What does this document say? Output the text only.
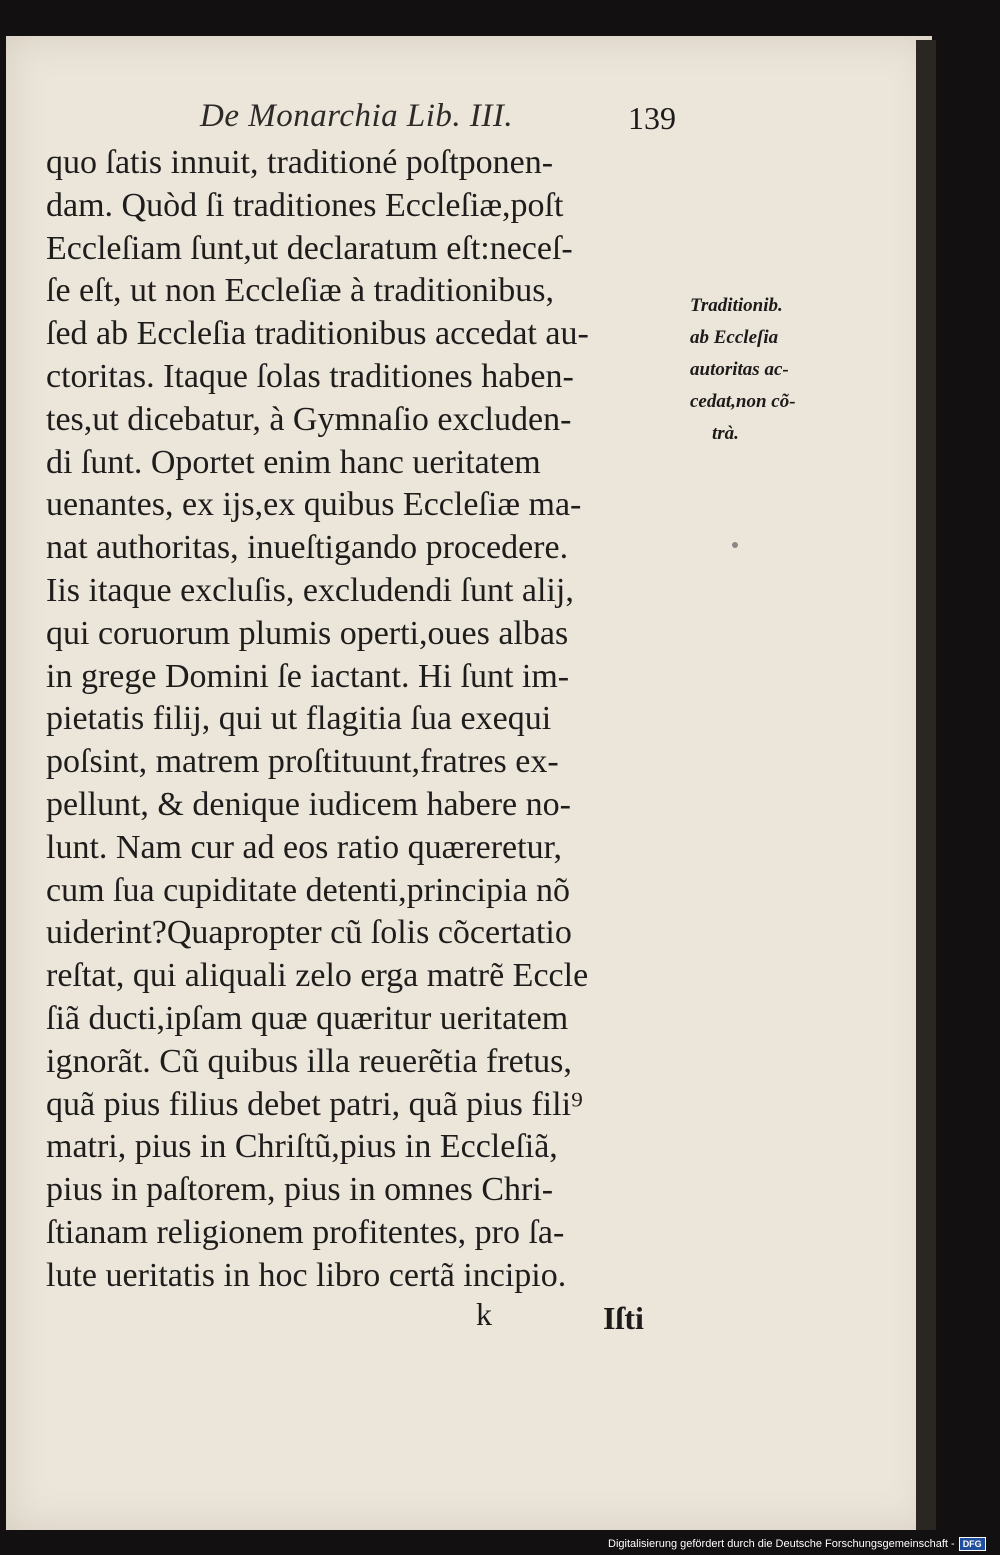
De Monarchia Lib. III.	139
quo ſatis innuit, traditioné poſtponen-
dam. Quòd ſi traditiones Eccleſiæ,poſt
Eccleſiam ſunt,ut declaratum eſt:neceſ-
ſe eſt, ut non Eccleſiæ à traditionibus,
ſed ab Eccleſia traditionibus accedat au-
ctoritas. Itaque ſolas traditiones haben-
tes,ut dicebatur, à Gymnaſio excluden-
di ſunt. Oportet enim hanc ueritatem
uenantes, ex ijs,ex quibus Eccleſiæ ma-
nat authoritas, inueſtigando procedere.
Iis itaque excluſis, excludendi ſunt alij,
qui coruorum plumis operti,oues albas
in grege Domini ſe iactant. Hi ſunt im-
pietatis filij, qui ut flagitia ſua exequi
poſsint, matrem proſtituunt,fratres ex-
pellunt, & denique iudicem habere no-
lunt. Nam cur ad eos ratio quæreretur,
cum ſua cupiditate detenti,principia nõ
uiderint?Quapropter cũ ſolis cõcertatio
reſtat, qui aliquali zelo erga matrẽ Eccle
ſiã ducti,ipſam quæ quæritur ueritatem
ignorãt. Cũ quibus illa reuerẽtia fretus,
quã pius filius debet patri, quã pius fili⁹
matri, pius in Chriſtũ,pius in Eccleſiã,
pius in paſtorem, pius in omnes Chri-
ſtianam religionem profitentes, pro ſa-
lute ueritatis in hoc libro certã incipio.
Traditionib.
ab Eccleſia
autoritas ac-
cedat,non cõ-
trà.
k	Iſti
Digitalisierung gefördert durch die Deutsche Forschungsgemeinschaft - DFG
